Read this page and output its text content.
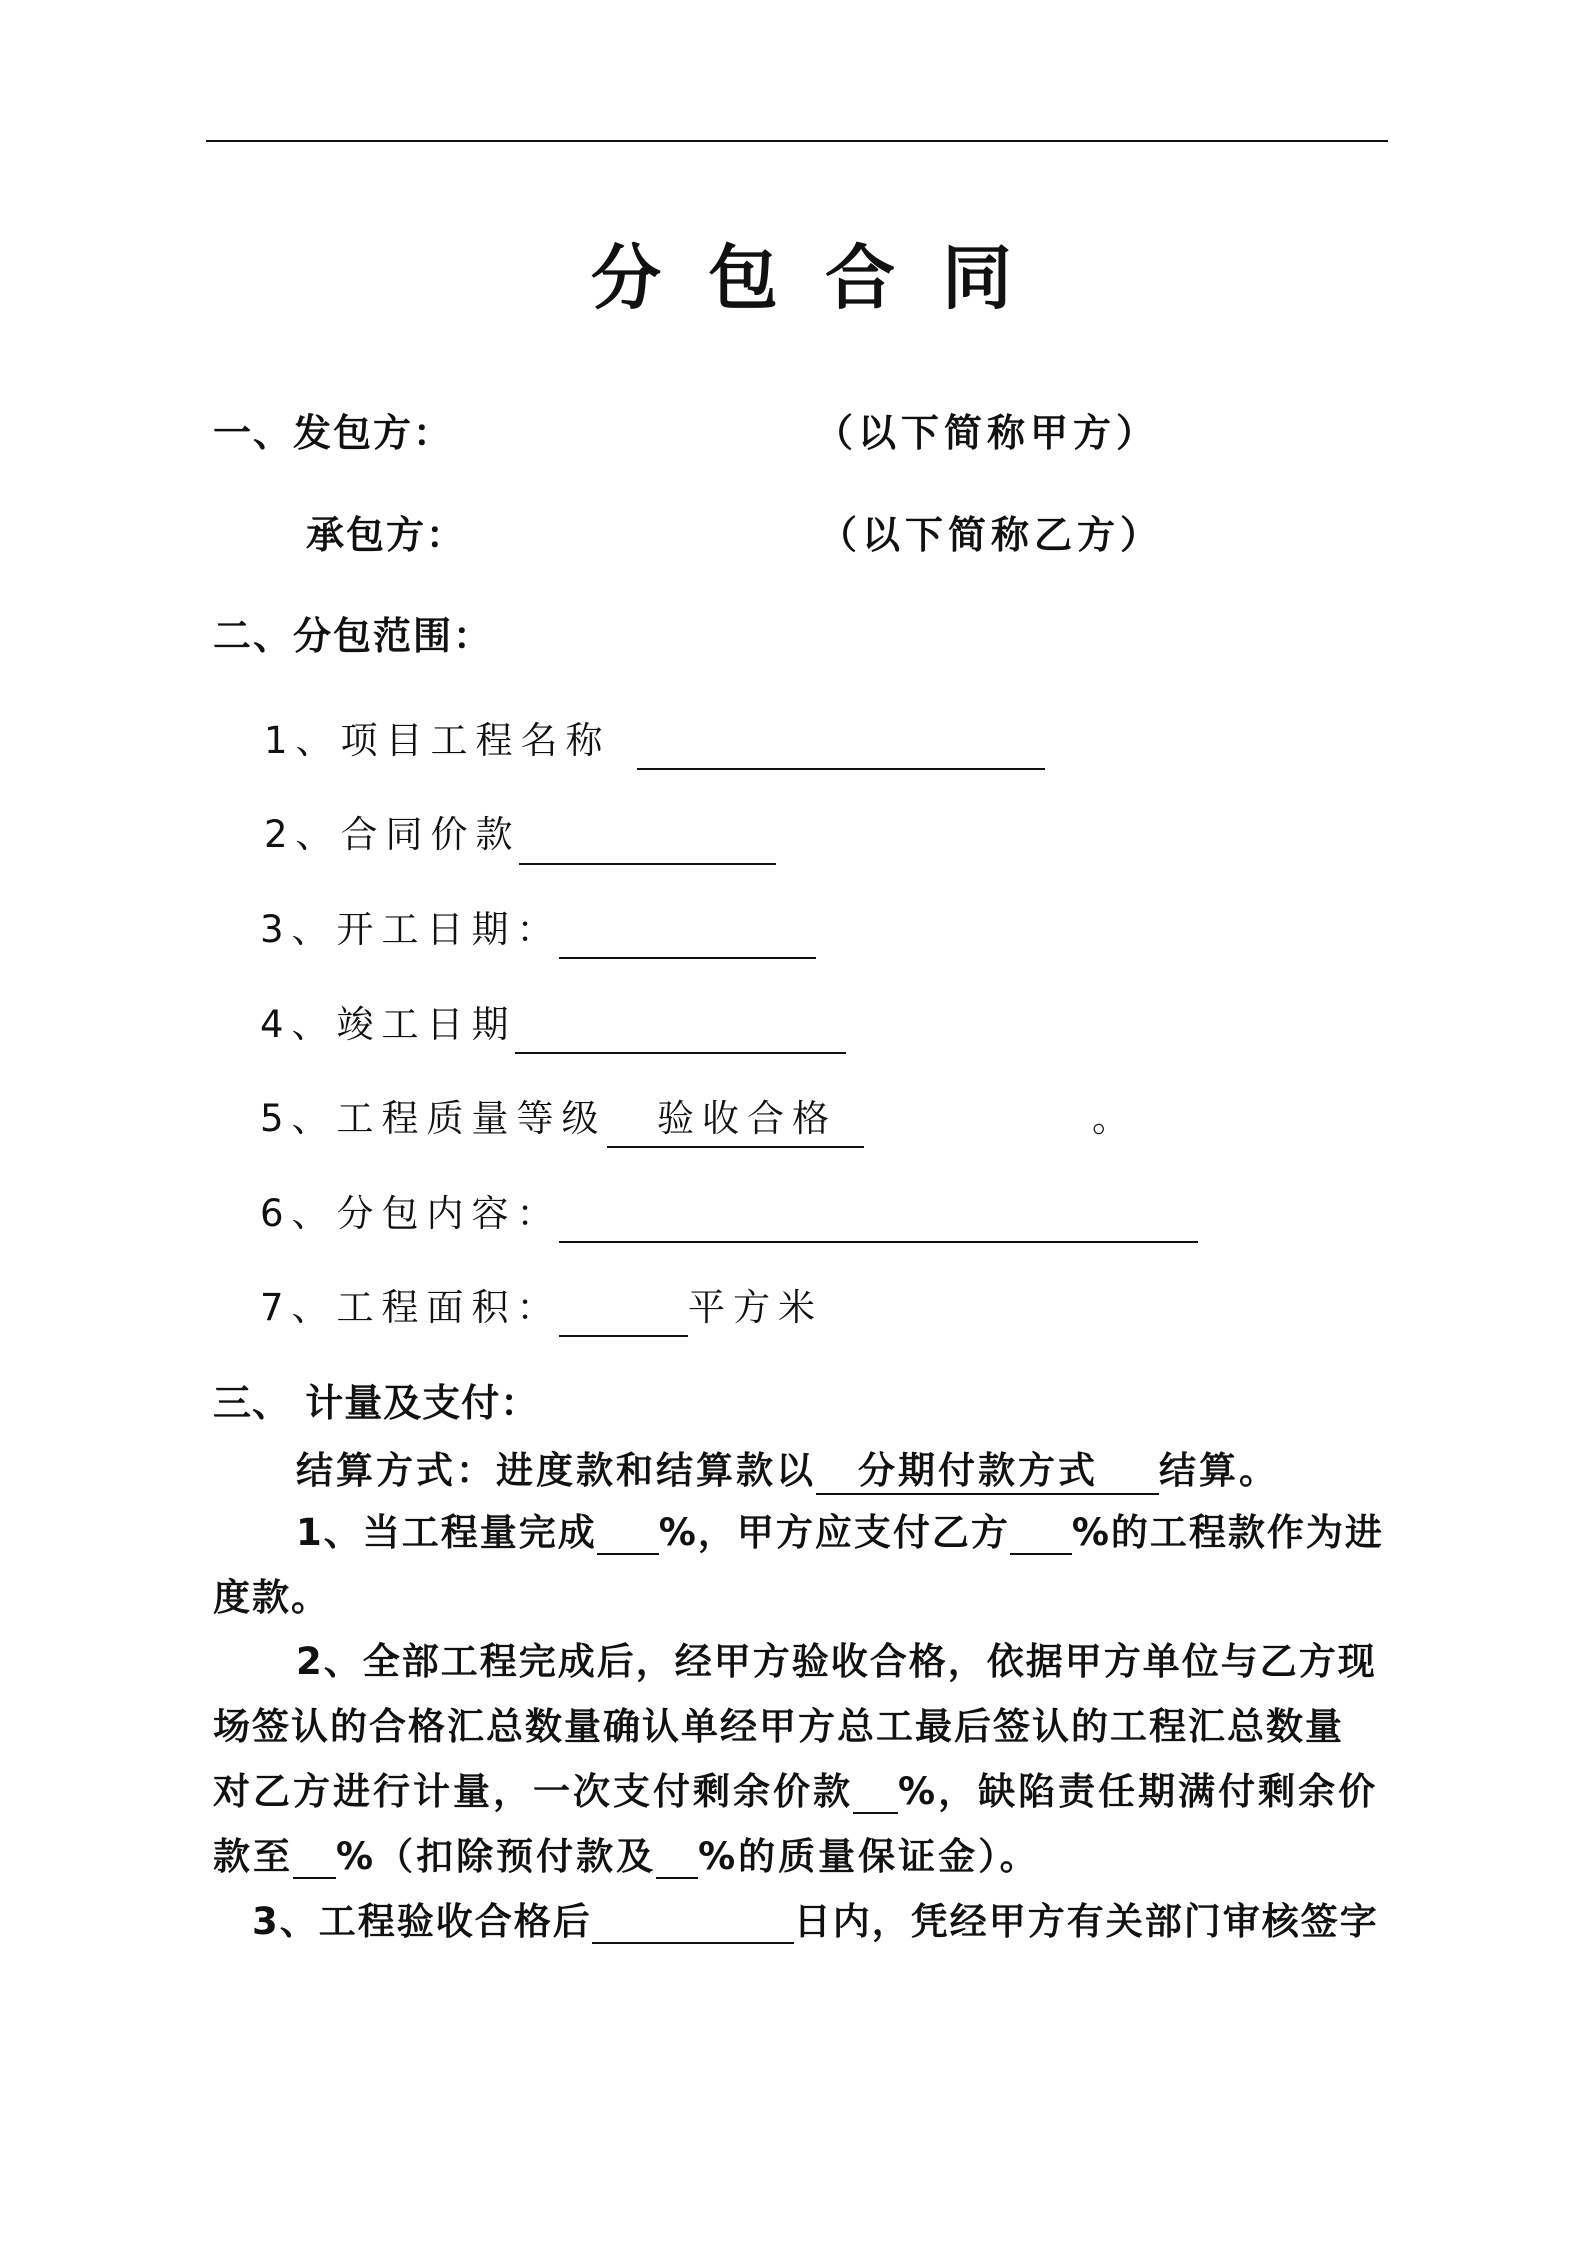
分包合同
一、发包方：	（以下简称甲方）
承包方：	（以下简称乙方）
二、分包范围：
1、项目工程名称
2、合同价款
3、开工日期：
4、竣工日期
5、工程质量等级 验收合格	。
6、分包内容：
7、工程面积：	平方米
三、 计量及支付：
结算方式：进度款和结算款以 分期付款方式 结算。
1、当工程量完成 %，甲方应支付乙方 %的工程款作为进
度款。
2、全部工程完成后，经甲方验收合格，依据甲方单位与乙方现
场签认的合格汇总数量确认单经甲方总工最后签认的工程汇总数量
对乙方进行计量，一次支付剩余价款 %，缺陷责任期满付剩余价
款至 %（扣除预付款及 %的质量保证金）。
3、工程验收合格后	日内，凭经甲方有关部门审核签字
